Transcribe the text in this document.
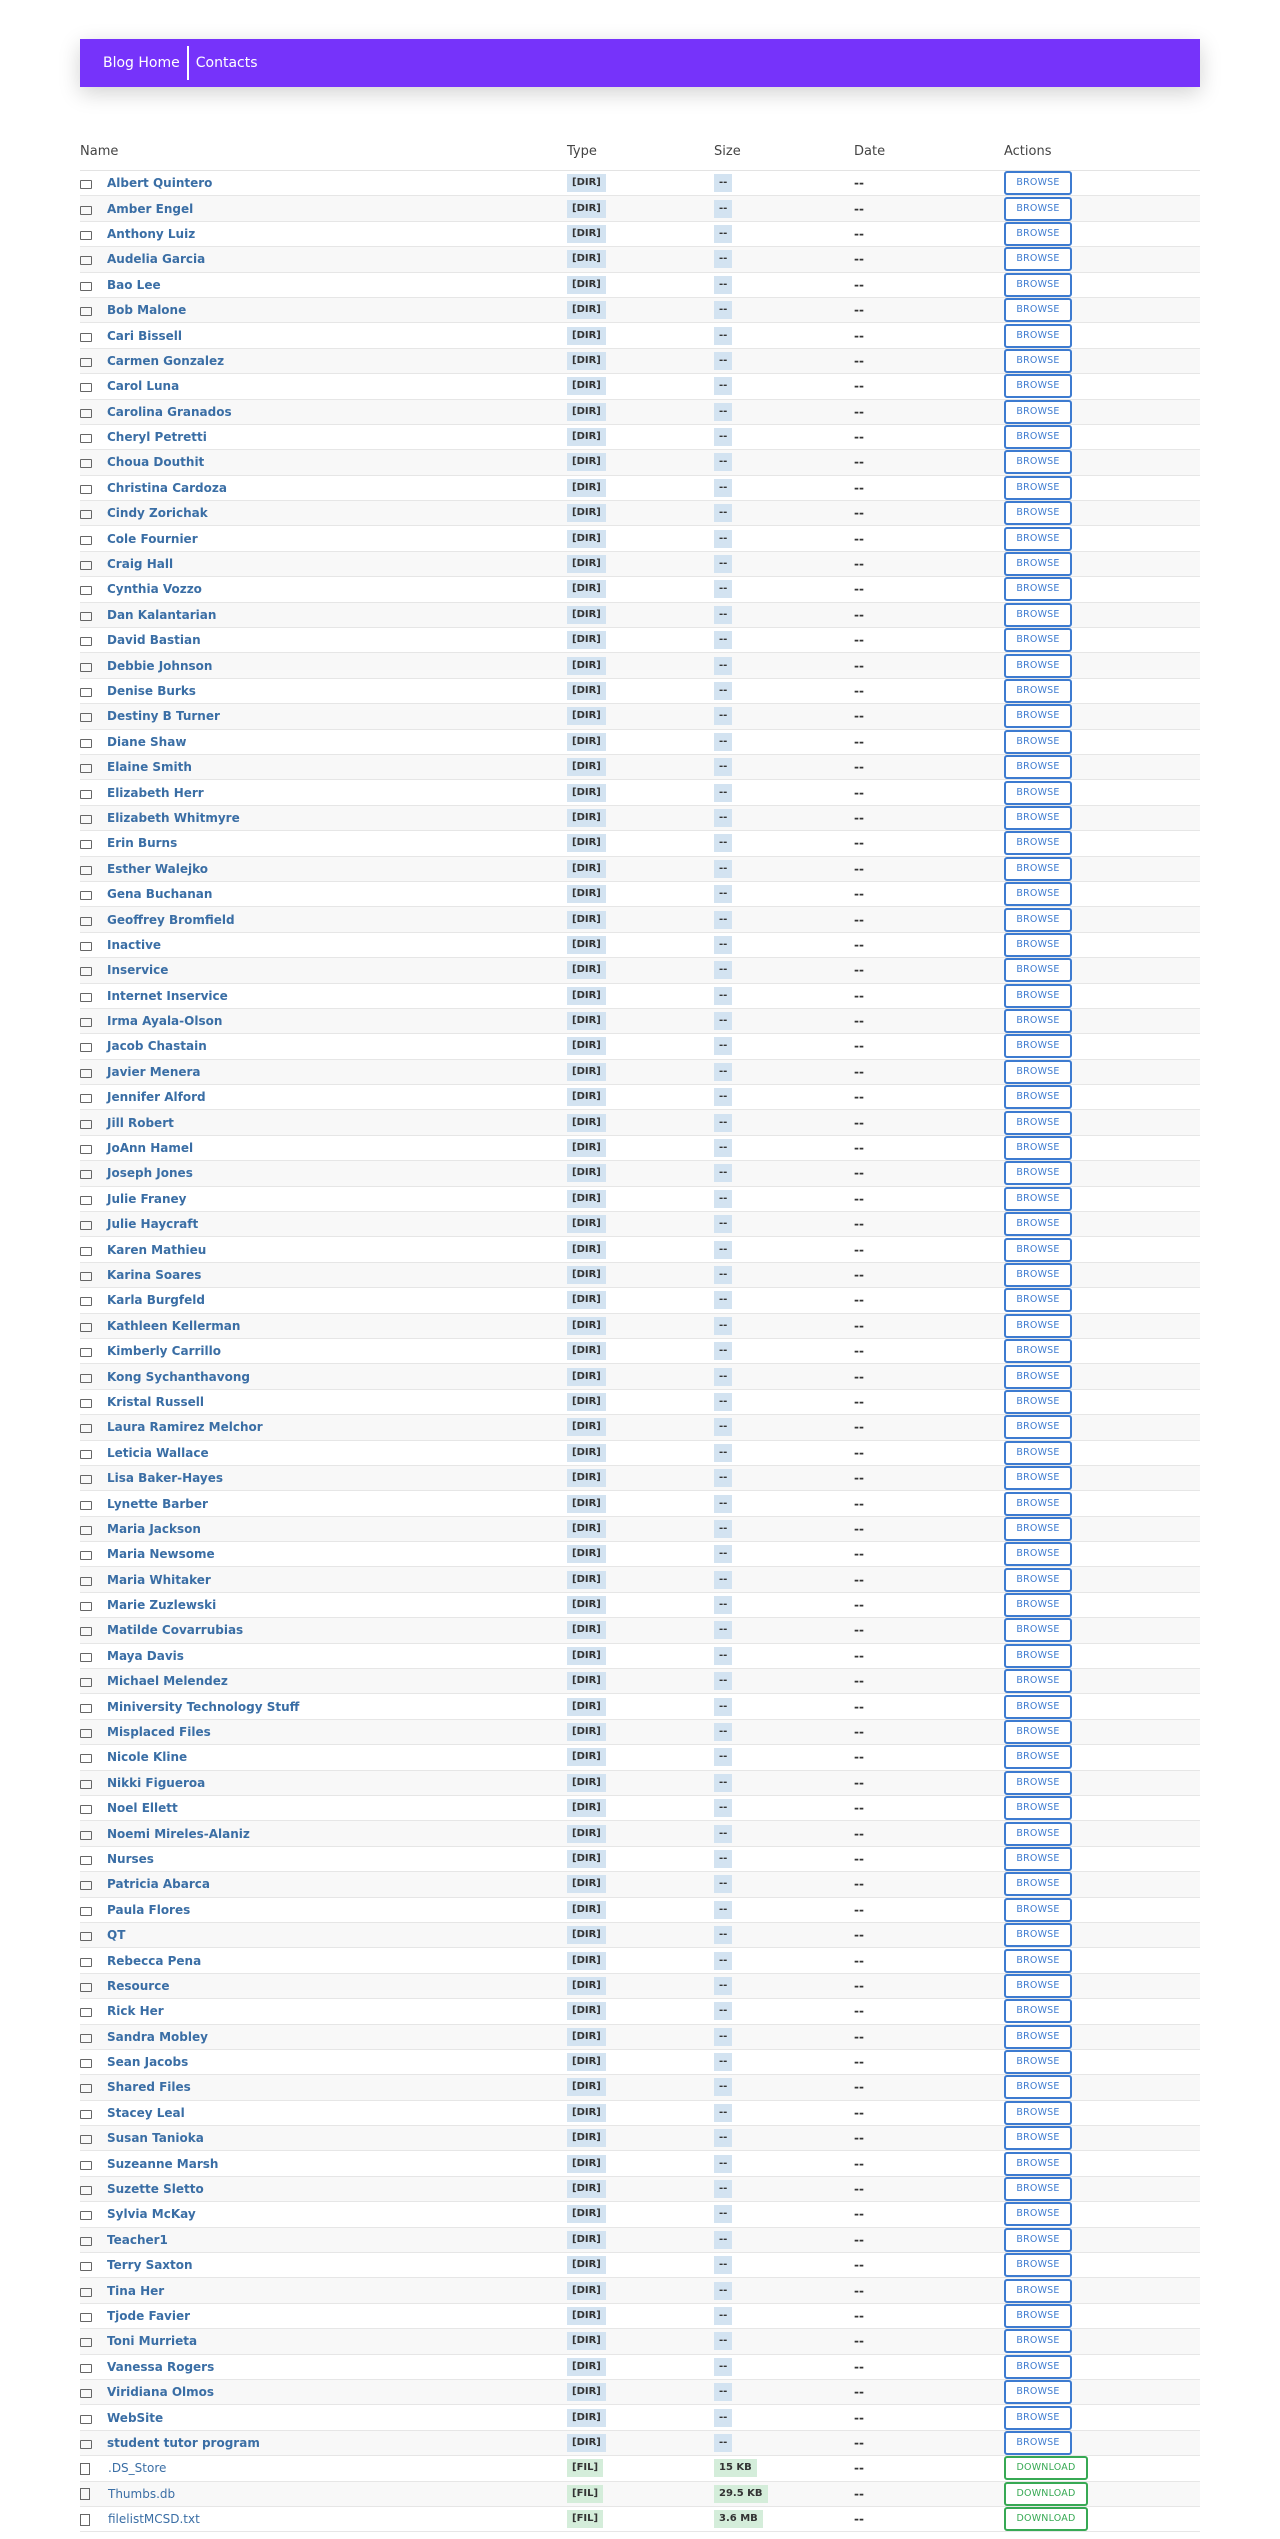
Blog Home	Contacts
Name	Type	Size	Date	Actions
Albert Quintero	[DIR]	--	--	BROWSE
Amber Engel	[DIR]	--	--	BROWSE
Anthony Luiz	[DIR]	--	--	BROWSE
Audelia Garcia	[DIR]	--	--	BROWSE
Bao Lee	[DIR]	--	--	BROWSE
Bob Malone	[DIR]	--	--	BROWSE
Cari Bissell	[DIR]	--	--	BROWSE
Carmen Gonzalez	[DIR]	--	--	BROWSE
Carol Luna	[DIR]	--	--	BROWSE
Carolina Granados	[DIR]	--	--	BROWSE
Cheryl Petretti	[DIR]	--	--	BROWSE
Choua Douthit	[DIR]	--	--	BROWSE
Christina Cardoza	[DIR]	--	--	BROWSE
Cindy Zorichak	[DIR]	--	--	BROWSE
Cole Fournier	[DIR]	--	--	BROWSE
Craig Hall	[DIR]	--	--	BROWSE
Cynthia Vozzo	[DIR]	--	--	BROWSE
Dan Kalantarian	[DIR]	--	--	BROWSE
David Bastian	[DIR]	--	--	BROWSE
Debbie Johnson	[DIR]	--	--	BROWSE
Denise Burks	[DIR]	--	--	BROWSE
Destiny B Turner	[DIR]	--	--	BROWSE
Diane Shaw	[DIR]	--	--	BROWSE
Elaine Smith	[DIR]	--	--	BROWSE
Elizabeth Herr	[DIR]	--	--	BROWSE
Elizabeth Whitmyre	[DIR]	--	--	BROWSE
Erin Burns	[DIR]	--	--	BROWSE
Esther Walejko	[DIR]	--	--	BROWSE
Gena Buchanan	[DIR]	--	--	BROWSE
Geoffrey Bromfield	[DIR]	--	--	BROWSE
Inactive	[DIR]	--	--	BROWSE
Inservice	[DIR]	--	--	BROWSE
Internet Inservice	[DIR]	--	--	BROWSE
Irma Ayala-Olson	[DIR]	--	--	BROWSE
Jacob Chastain	[DIR]	--	--	BROWSE
Javier Menera	[DIR]	--	--	BROWSE
Jennifer Alford	[DIR]	--	--	BROWSE
Jill Robert	[DIR]	--	--	BROWSE
JoAnn Hamel	[DIR]	--	--	BROWSE
Joseph Jones	[DIR]	--	--	BROWSE
Julie Franey	[DIR]	--	--	BROWSE
Julie Haycraft	[DIR]	--	--	BROWSE
Karen Mathieu	[DIR]	--	--	BROWSE
Karina Soares	[DIR]	--	--	BROWSE
Karla Burgfeld	[DIR]	--	--	BROWSE
Kathleen Kellerman	[DIR]	--	--	BROWSE
Kimberly Carrillo	[DIR]	--	--	BROWSE
Kong Sychanthavong	[DIR]	--	--	BROWSE
Kristal Russell	[DIR]	--	--	BROWSE
Laura Ramirez Melchor	[DIR]	--	--	BROWSE
Leticia Wallace	[DIR]	--	--	BROWSE
Lisa Baker-Hayes	[DIR]	--	--	BROWSE
Lynette Barber	[DIR]	--	--	BROWSE
Maria Jackson	[DIR]	--	--	BROWSE
Maria Newsome	[DIR]	--	--	BROWSE
Maria Whitaker	[DIR]	--	--	BROWSE
Marie Zuzlewski	[DIR]	--	--	BROWSE
Matilde Covarrubias	[DIR]	--	--	BROWSE
Maya Davis	[DIR]	--	--	BROWSE
Michael Melendez	[DIR]	--	--	BROWSE
Miniversity Technology Stuff	[DIR]	--	--	BROWSE
Misplaced Files	[DIR]	--	--	BROWSE
Nicole Kline	[DIR]	--	--	BROWSE
Nikki Figueroa	[DIR]	--	--	BROWSE
Noel Ellett	[DIR]	--	--	BROWSE
Noemi Mireles-Alaniz	[DIR]	--	--	BROWSE
Nurses	[DIR]	--	--	BROWSE
Patricia Abarca	[DIR]	--	--	BROWSE
Paula Flores	[DIR]	--	--	BROWSE
QT	[DIR]	--	--	BROWSE
Rebecca Pena	[DIR]	--	--	BROWSE
Resource	[DIR]	--	--	BROWSE
Rick Her	[DIR]	--	--	BROWSE
Sandra Mobley	[DIR]	--	--	BROWSE
Sean Jacobs	[DIR]	--	--	BROWSE
Shared Files	[DIR]	--	--	BROWSE
Stacey Leal	[DIR]	--	--	BROWSE
Susan Tanioka	[DIR]	--	--	BROWSE
Suzeanne Marsh	[DIR]	--	--	BROWSE
Suzette Sletto	[DIR]	--	--	BROWSE
Sylvia McKay	[DIR]	--	--	BROWSE
Teacher1	[DIR]	--	--	BROWSE
Terry Saxton	[DIR]	--	--	BROWSE
Tina Her	[DIR]	--	--	BROWSE
Tjode Favier	[DIR]	--	--	BROWSE
Toni Murrieta	[DIR]	--	--	BROWSE
Vanessa Rogers	[DIR]	--	--	BROWSE
Viridiana Olmos	[DIR]	--	--	BROWSE
WebSite	[DIR]	--	--	BROWSE
student tutor program	[DIR]	--	--	BROWSE
.DS_Store	[FIL]	15 KB	--	DOWNLOAD
Thumbs.db	[FIL]	29.5 KB	--	DOWNLOAD
filelistMCSD.txt	[FIL]	3.6 MB	--	DOWNLOAD
